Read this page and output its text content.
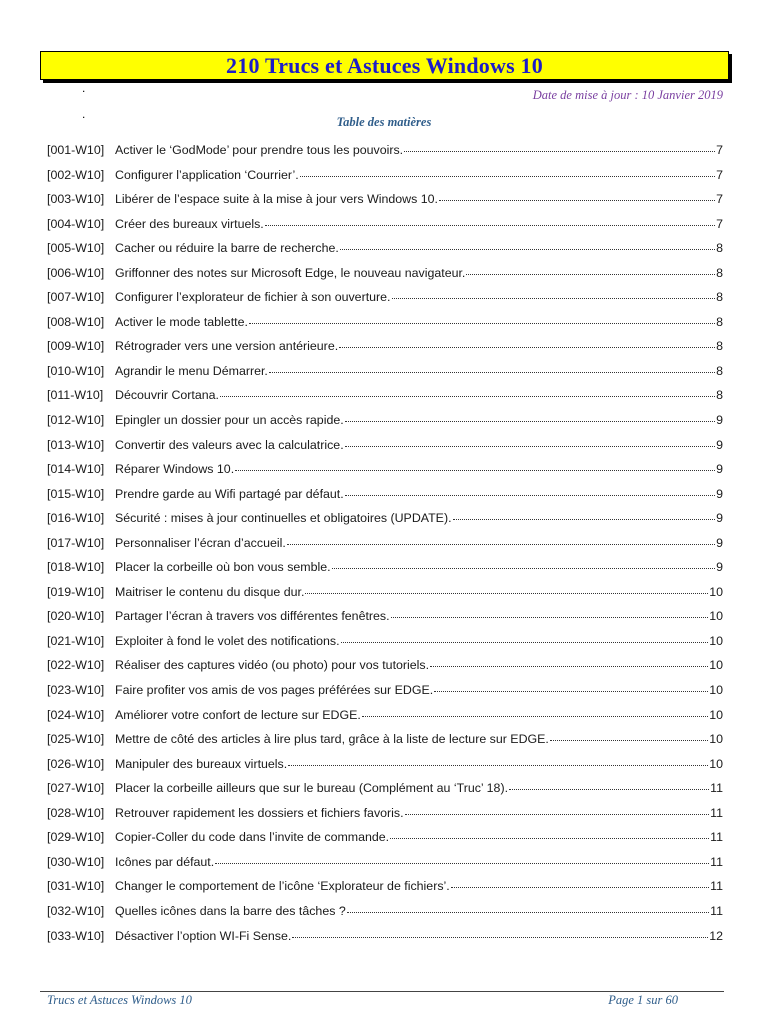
210 Trucs et Astuces Windows 10
.
.
Date de mise à jour : 10 Janvier 2019
Table des matières
[001-W10] Activer le ‘GodMode’ pour prendre tous les pouvoirs.	7
[002-W10] Configurer l’application ‘Courrier’.	7
[003-W10] Libérer de l’espace suite à la mise à jour vers Windows 10.	7
[004-W10] Créer des bureaux virtuels.	7
[005-W10] Cacher ou réduire la barre de recherche.	8
[006-W10] Griffonner des notes sur Microsoft Edge, le nouveau navigateur.	8
[007-W10] Configurer l’explorateur de fichier à son ouverture.	8
[008-W10] Activer le mode tablette.	8
[009-W10] Rétrograder vers une version antérieure.	8
[010-W10] Agrandir le menu Démarrer.	8
[011-W10] Découvrir Cortana.	8
[012-W10] Epingler un dossier pour un accès rapide.	9
[013-W10] Convertir des valeurs avec la calculatrice.	9
[014-W10] Réparer Windows 10.	9
[015-W10] Prendre garde au Wifi partagé par défaut.	9
[016-W10] Sécurité : mises à jour continuelles et obligatoires (UPDATE).	9
[017-W10] Personnaliser l’écran d’accueil.	9
[018-W10] Placer la corbeille où bon vous semble.	9
[019-W10] Maitriser le contenu du disque dur.	10
[020-W10] Partager l’écran à travers vos différentes fenêtres.	10
[021-W10] Exploiter à fond le volet des notifications.	10
[022-W10] Réaliser des captures vidéo (ou photo) pour vos tutoriels.	10
[023-W10] Faire profiter vos amis de vos pages préférées sur EDGE.	10
[024-W10] Améliorer votre confort de lecture sur EDGE.	10
[025-W10] Mettre de côté des articles à lire plus tard, grâce à la liste de lecture sur EDGE.	10
[026-W10] Manipuler des bureaux virtuels.	10
[027-W10] Placer la corbeille ailleurs que sur le bureau (Complément au ‘Truc’ 18).	11
[028-W10] Retrouver rapidement les dossiers et fichiers favoris.	11
[029-W10] Copier-Coller du code dans l’invite de commande.	11
[030-W10] Icônes par défaut.	11
[031-W10] Changer le comportement de l’icône ‘Explorateur de fichiers’.	11
[032-W10] Quelles icônes dans la barre des tâches ?	11
[033-W10] Désactiver l’option WI-Fi Sense.	12
Trucs et Astuces Windows 10	Page 1 sur 60
